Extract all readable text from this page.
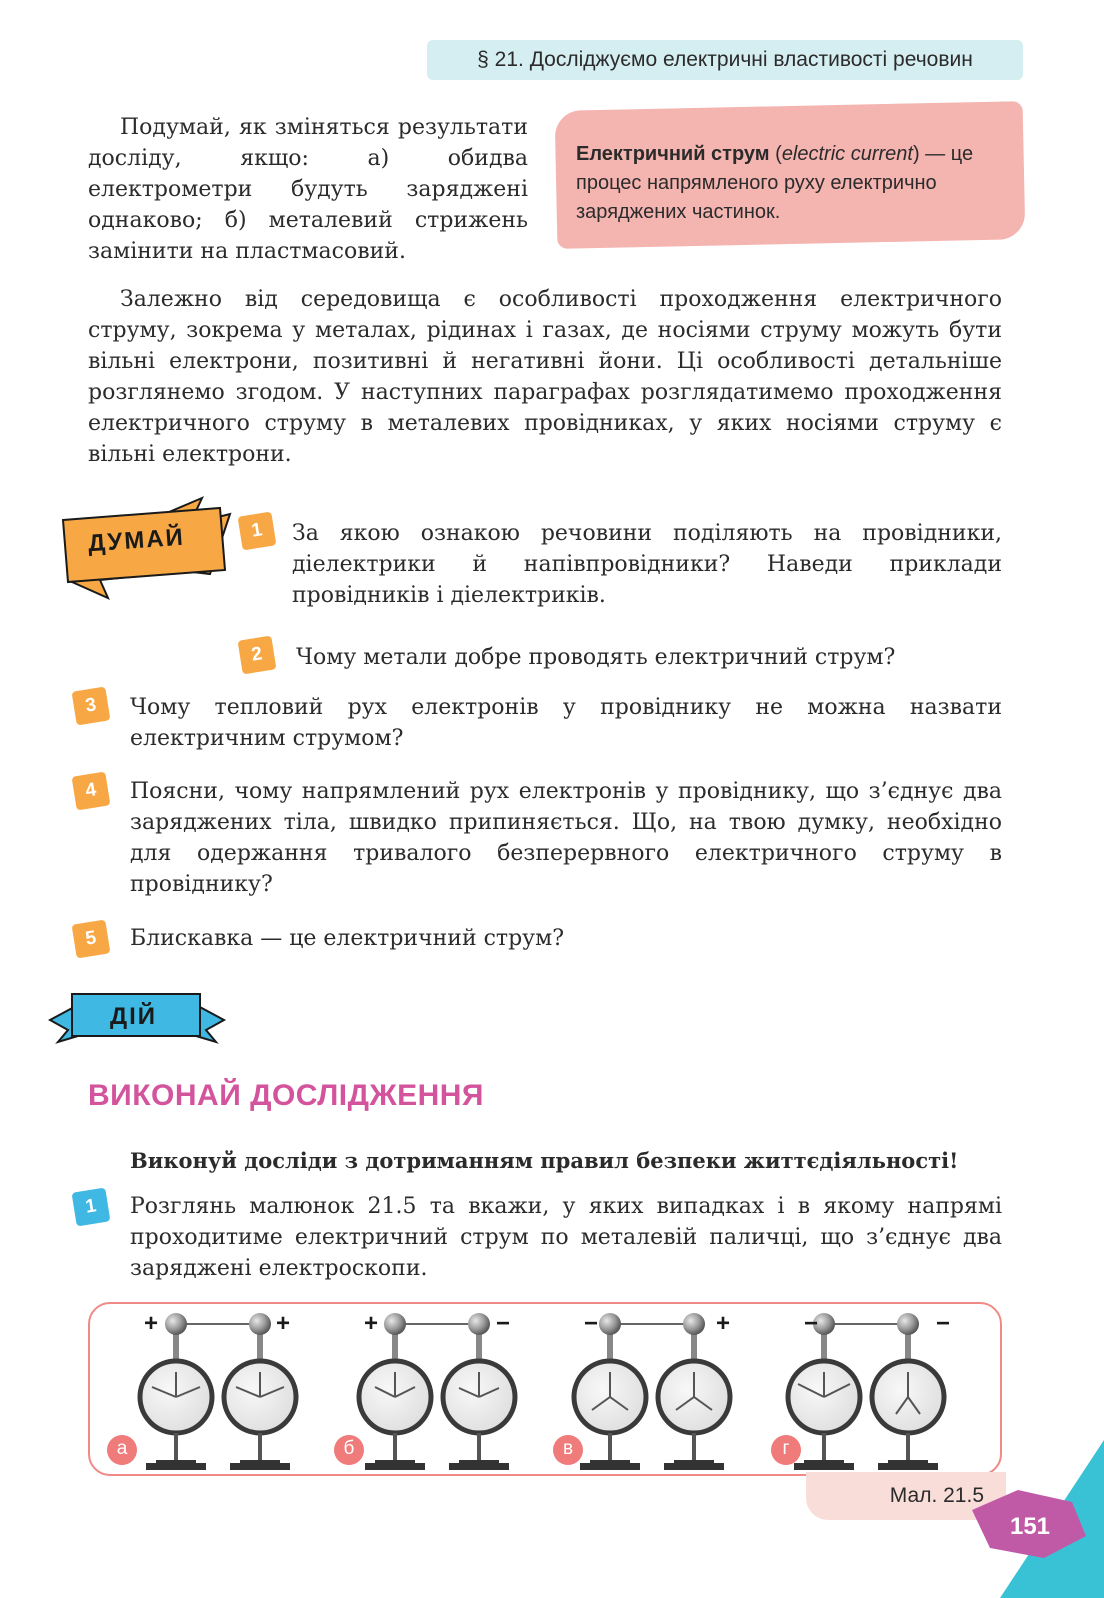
§ 21. Досліджуємо електричні властивості речовин

Подумай, як зміняться результати досліду, якщо: а) обидва електрометри будуть заряджені однаково; б) металевий стрижень замінити на пластмасовий.

Електричний струм (electric current) — це процес напрямленого руху електрично заряджених частинок.

Залежно від середовища є особливості проходження електричного струму, зокрема у металах, рідинах і газах, де носіями струму можуть бути вільні електрони, позитивні й негативні йони. Ці особливості детальніше розглянемо згодом. У наступних параграфах розглядатимемо проходження електричного струму в металевих провідниках, у яких носіями струму є вільні електрони.

ДУМАЙ	1	За якою ознакою речовини поділяють на провідники, діелектрики й напівпровідники? Наведи приклади провідників і діелектриків.

2	Чому метали добре проводять електричний струм?

3	Чому тепловий рух електронів у провіднику не можна назвати електричним струмом?

4	Поясни, чому напрямлений рух електронів у провіднику, що з’єднує два заряджених тіла, швидко припиняється. Що, на твою думку, необхідно для одержання тривалого безперервного електричного струму в провіднику?

5	Блискавка — це електричний струм?

ДІЙ
ВИКОНАЙ ДОСЛІДЖЕННЯ
Виконуй досліди з дотриманням правил безпеки життєдіяльності!
1	Розглянь малюнок 21.5 та вкажи, у яких випадках і в якому напрямі проходитиме електричний струм по металевій паличці, що з’єднує два заряджені електроскопи.

Мал. 21.5
+	+
а
+	−
б
−	+
в
−	−
г
151
